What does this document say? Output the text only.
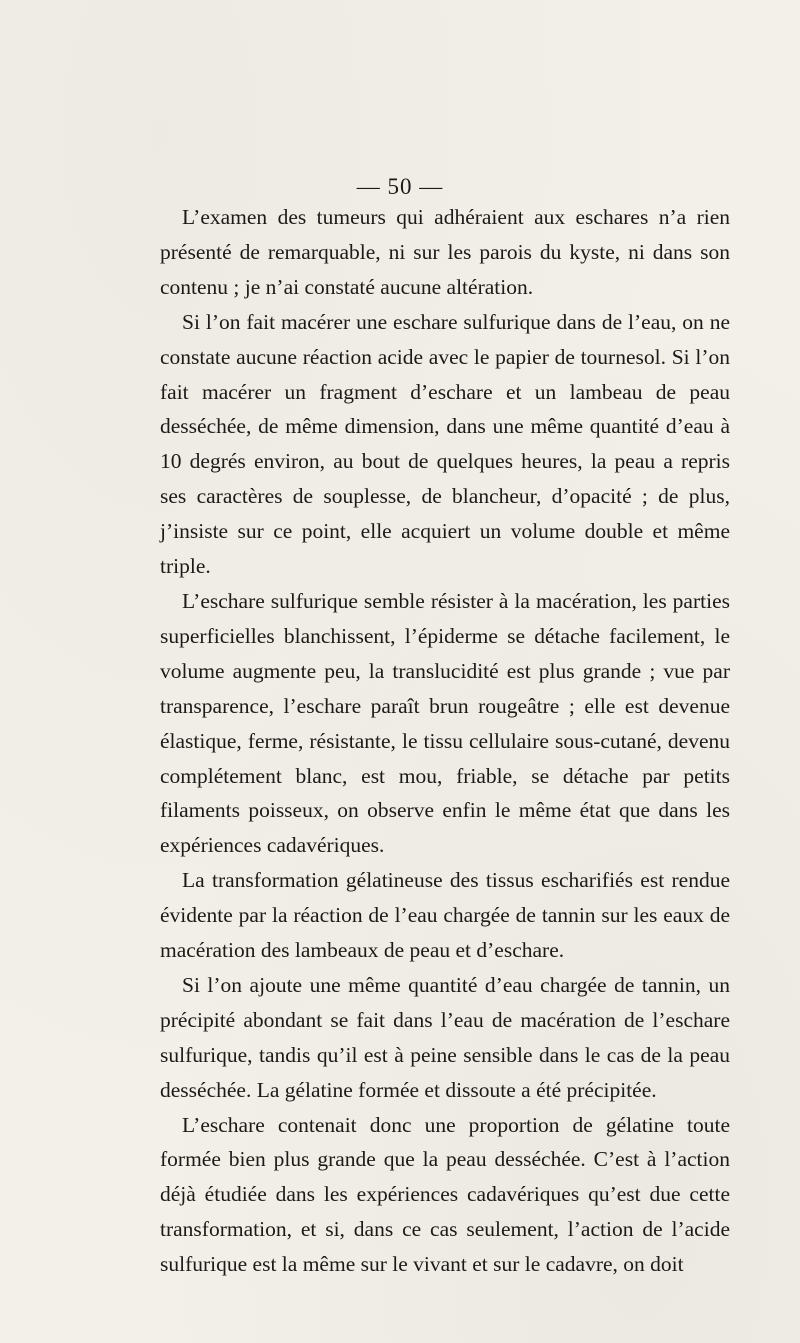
— 50 —

L’examen des tumeurs qui adhéraient aux eschares n’a rien présenté de remarquable, ni sur les parois du kyste, ni dans son contenu ; je n’ai constaté aucune altération.

Si l’on fait macérer une eschare sulfurique dans de l’eau, on ne constate aucune réaction acide avec le papier de tournesol. Si l’on fait macérer un fragment d’eschare et un lambeau de peau desséchée, de même dimension, dans une même quantité d’eau à 10 degrés environ, au bout de quelques heures, la peau a repris ses caractères de souplesse, de blancheur, d’opacité ; de plus, j’insiste sur ce point, elle acquiert un volume double et même triple.

L’eschare sulfurique semble résister à la macération, les parties superficielles blanchissent, l’épiderme se détache facilement, le volume augmente peu, la translucidité est plus grande ; vue par transparence, l’eschare paraît brun rougeâtre ; elle est devenue élastique, ferme, résistante, le tissu cellulaire sous-cutané, devenu complétement blanc, est mou, friable, se détache par petits filaments poisseux, on observe enfin le même état que dans les expériences cadavériques.

La transformation gélatineuse des tissus escharifiés est rendue évidente par la réaction de l’eau chargée de tannin sur les eaux de macération des lambeaux de peau et d’eschare.

Si l’on ajoute une même quantité d’eau chargée de tannin, un précipité abondant se fait dans l’eau de macération de l’eschare sulfurique, tandis qu’il est à peine sensible dans le cas de la peau desséchée. La gélatine formée et dissoute a été précipitée.

L’eschare contenait donc une proportion de gélatine toute formée bien plus grande que la peau desséchée. C’est à l’action déjà étudiée dans les expériences cadavériques qu’est due cette transformation, et si, dans ce cas seulement, l’action de l’acide sulfurique est la même sur le vivant et sur le cadavre, on doit
